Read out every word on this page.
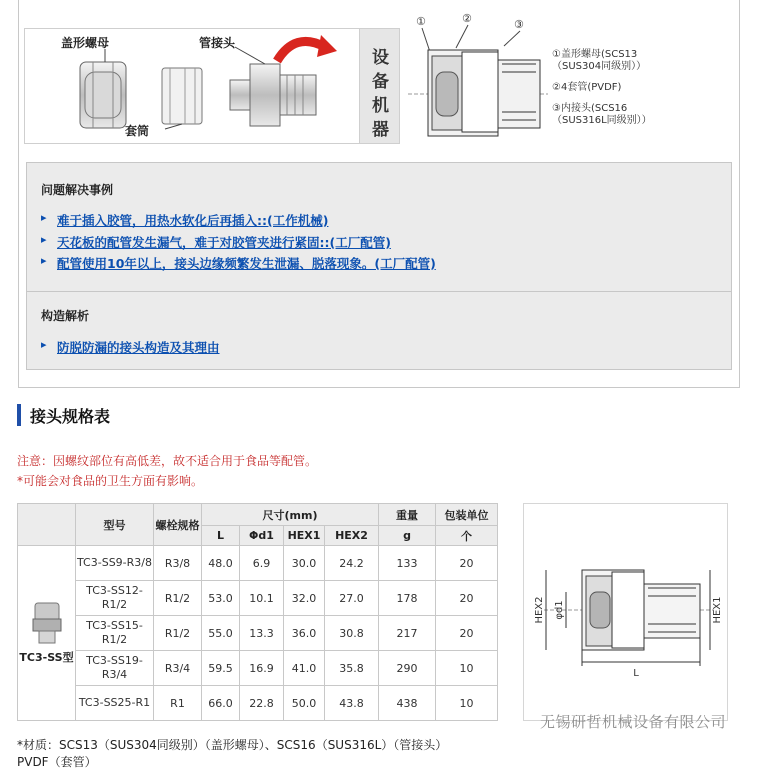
盖形螺母	管接头
套筒
设
备
机
器
①	②	③
①盖形螺母(SCS13
（SUS304同级别））
②4套管(PVDF)
③内接头(SCS16
（SUS316L同级别））
问题解决事例
▸ 难于插入胶管，用热水软化后再插入::(工作机械)
▸ 天花板的配管发生漏气，难于对胶管夹进行紧固::(工厂配管)
▸ 配管使用10年以上，接头边缘频繁发生泄漏、脱落现象。(工厂配管)
构造解析
▸ 防脱防漏的接头构造及其理由
接头规格表
注意：因螺纹部位有高低差，故不适合用于食品等配管。
*可能会对食品的卫生方面有影响。
	型号	螺栓规格	尺寸(mm)				重量	包装单位
			L	Φd1	HEX1	HEX2	g	个

TC3-SS型	TC3-SS9-R3/8	R3/8	48.0	6.9	30.0	24.2	133	20
	TC3-SS12-R1/2	R1/2	53.0	10.1	32.0	27.0	178	20
	TC3-SS15-R1/2	R1/2	55.0	13.3	36.0	30.8	217	20
	TC3-SS19-R3/4	R3/4	59.5	16.9	41.0	35.8	290	10
	TC3-SS25-R1	R1	66.0	22.8	50.0	43.8	438	10
HEX2 φd1	HEX1
L
无锡研哲机械设备有限公司
*材质：SCS13（SUS304同级别）（盖形螺母）、SCS16（SUS316L）（管接头）
PVDF（套管）
